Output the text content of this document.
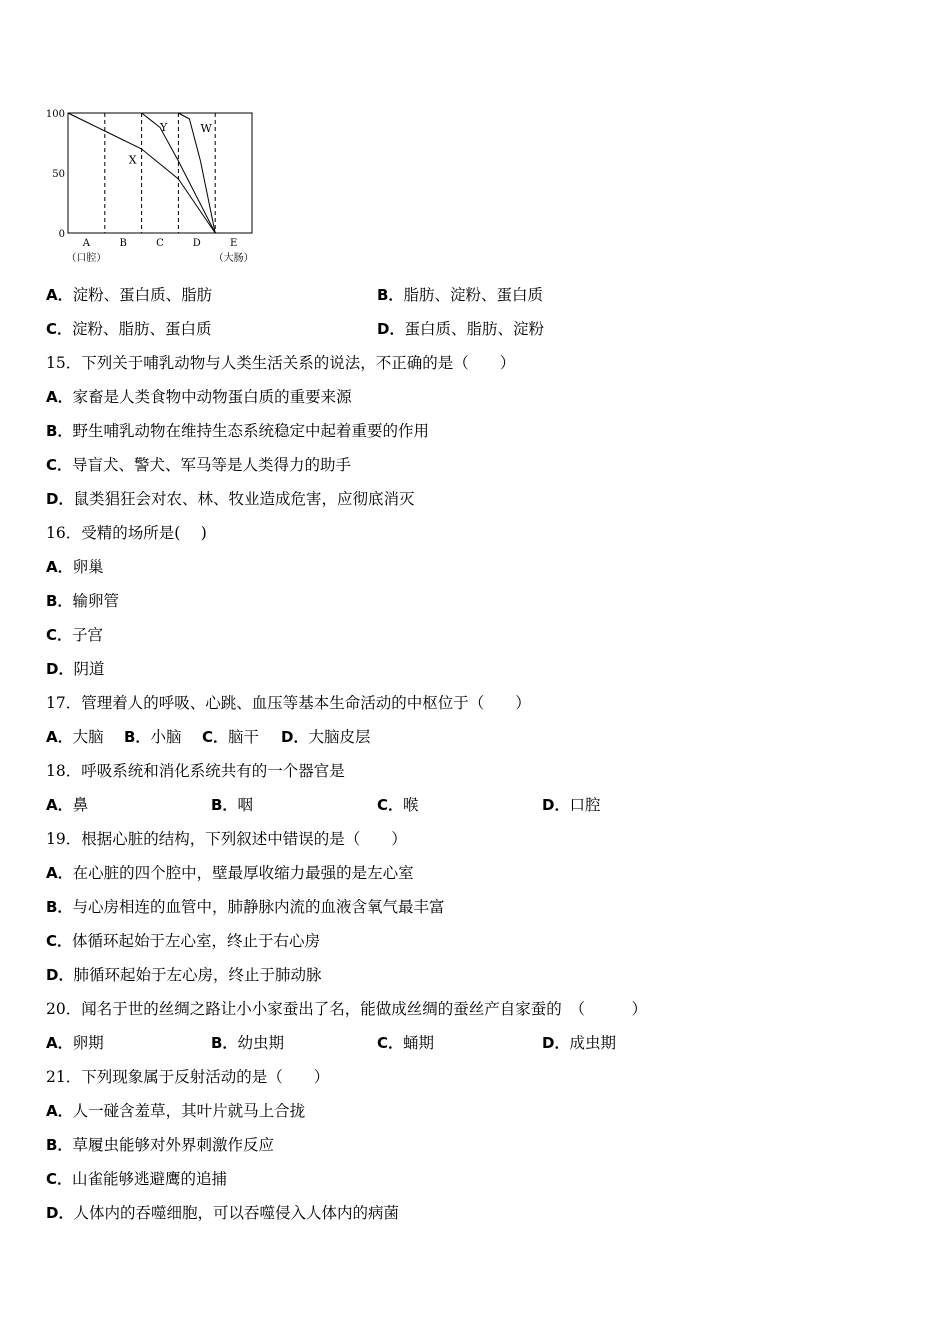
100
50
0
X
Y	W
A
（口腔）
B	C	D	E
（大肠）
A．淀粉、蛋白质、脂肪	B．脂肪、淀粉、蛋白质
C．淀粉、脂肪、蛋白质	D．蛋白质、脂肪、淀粉
15．下列关于哺乳动物与人类生活关系的说法，不正确的是（　　）
A．家畜是人类食物中动物蛋白质的重要来源
B．野生哺乳动物在维持生态系统稳定中起着重要的作用
C．导盲犬、警犬、军马等是人类得力的助手
D．鼠类猖狂会对农、林、牧业造成危害，应彻底消灭
16．受精的场所是(　 )
A．卵巢
B．输卵管
C．子宫
D．阴道
17．管理着人的呼吸、心跳、血压等基本生命活动的中枢位于（　　）
A．大脑 B．小脑 C．脑干 D．大脑皮层
18．呼吸系统和消化系统共有的一个器官是
A．鼻	B．咽	C．喉	D．口腔
19．根据心脏的结构，下列叙述中错误的是（　　）
A．在心脏的四个腔中，壁最厚收缩力最强的是左心室
B．与心房相连的血管中，肺静脉内流的血液含氧气最丰富
C．体循环起始于左心室，终止于右心房
D．肺循环起始于左心房，终止于肺动脉
20．闻名于世的丝绸之路让小小家蚕出了名，能做成丝绸的蚕丝产自家蚕的　（　　　）
A．卵期	B．幼虫期	C．蛹期	D．成虫期
21．下列现象属于反射活动的是（　　）
A．人一碰含羞草，其叶片就马上合拢
B．草履虫能够对外界刺激作反应
C．山雀能够逃避鹰的追捕
D．人体内的吞噬细胞，可以吞噬侵入人体内的病菌
